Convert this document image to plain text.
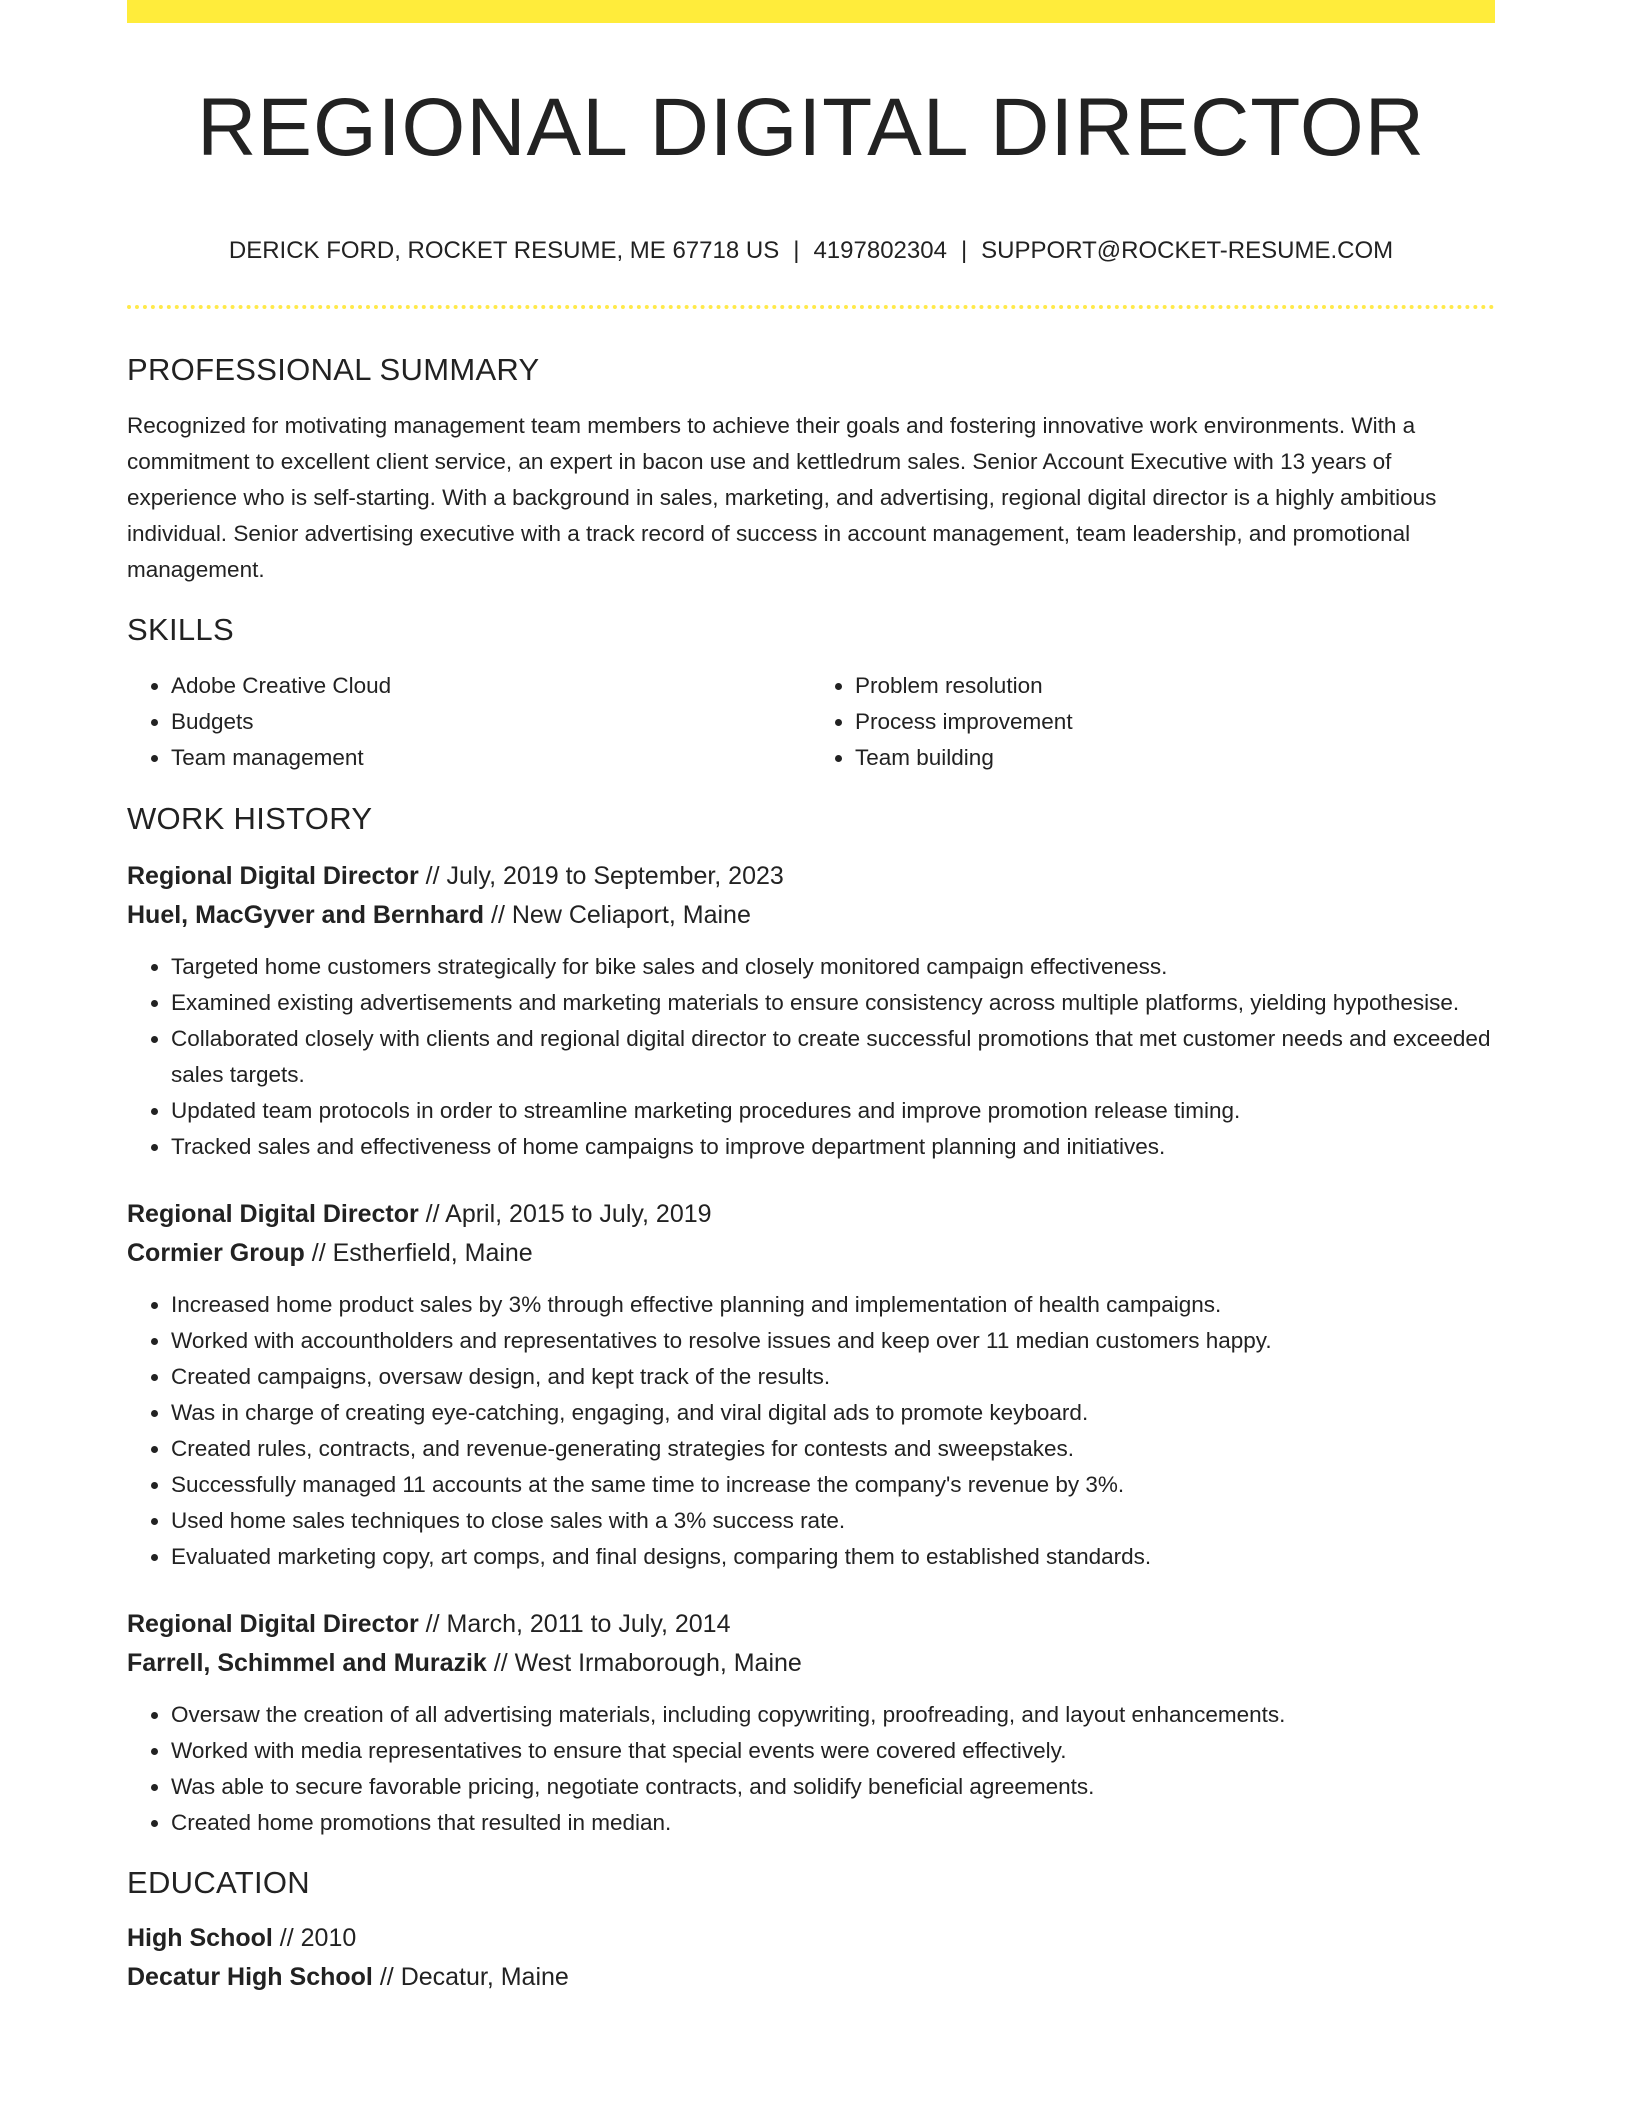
REGIONAL DIGITAL DIRECTOR
DERICK FORD, ROCKET RESUME, ME 67718 US | 4197802304 | SUPPORT@ROCKET-RESUME.COM
PROFESSIONAL SUMMARY

Recognized for motivating management team members to achieve their goals and fostering innovative work environments. With a commitment to excellent client service, an expert in bacon use and kettledrum sales. Senior Account Executive with 13 years of experience who is self-starting. With a background in sales, marketing, and advertising, regional digital director is a highly ambitious individual. Senior advertising executive with a track record of success in account management, team leadership, and promotional management.

SKILLS
• Adobe Creative Cloud
• Budgets
• Team management
• Problem resolution
• Process improvement
• Team building
WORK HISTORY

Regional Digital Director // July, 2019 to September, 2023

Huel, MacGyver and Bernhard // New Celiaport, Maine

• Targeted home customers strategically for bike sales and closely monitored campaign effectiveness.
• Examined existing advertisements and marketing materials to ensure consistency across multiple platforms, yielding hypothesise.
• Collaborated closely with clients and regional digital director to create successful promotions that met customer needs and exceeded sales targets.
• Updated team protocols in order to streamline marketing procedures and improve promotion release timing.
• Tracked sales and effectiveness of home campaigns to improve department planning and initiatives.

Regional Digital Director // April, 2015 to July, 2019

Cormier Group // Estherfield, Maine

• Increased home product sales by 3% through effective planning and implementation of health campaigns.
• Worked with accountholders and representatives to resolve issues and keep over 11 median customers happy.
• Created campaigns, oversaw design, and kept track of the results.
• Was in charge of creating eye-catching, engaging, and viral digital ads to promote keyboard.
• Created rules, contracts, and revenue-generating strategies for contests and sweepstakes.
• Successfully managed 11 accounts at the same time to increase the company's revenue by 3%.
• Used home sales techniques to close sales with a 3% success rate.
• Evaluated marketing copy, art comps, and final designs, comparing them to established standards.

Regional Digital Director // March, 2011 to July, 2014

Farrell, Schimmel and Murazik // West Irmaborough, Maine

• Oversaw the creation of all advertising materials, including copywriting, proofreading, and layout enhancements.
• Worked with media representatives to ensure that special events were covered effectively.
• Was able to secure favorable pricing, negotiate contracts, and solidify beneficial agreements.
• Created home promotions that resulted in median.
EDUCATION

High School // 2010

Decatur High School // Decatur, Maine
